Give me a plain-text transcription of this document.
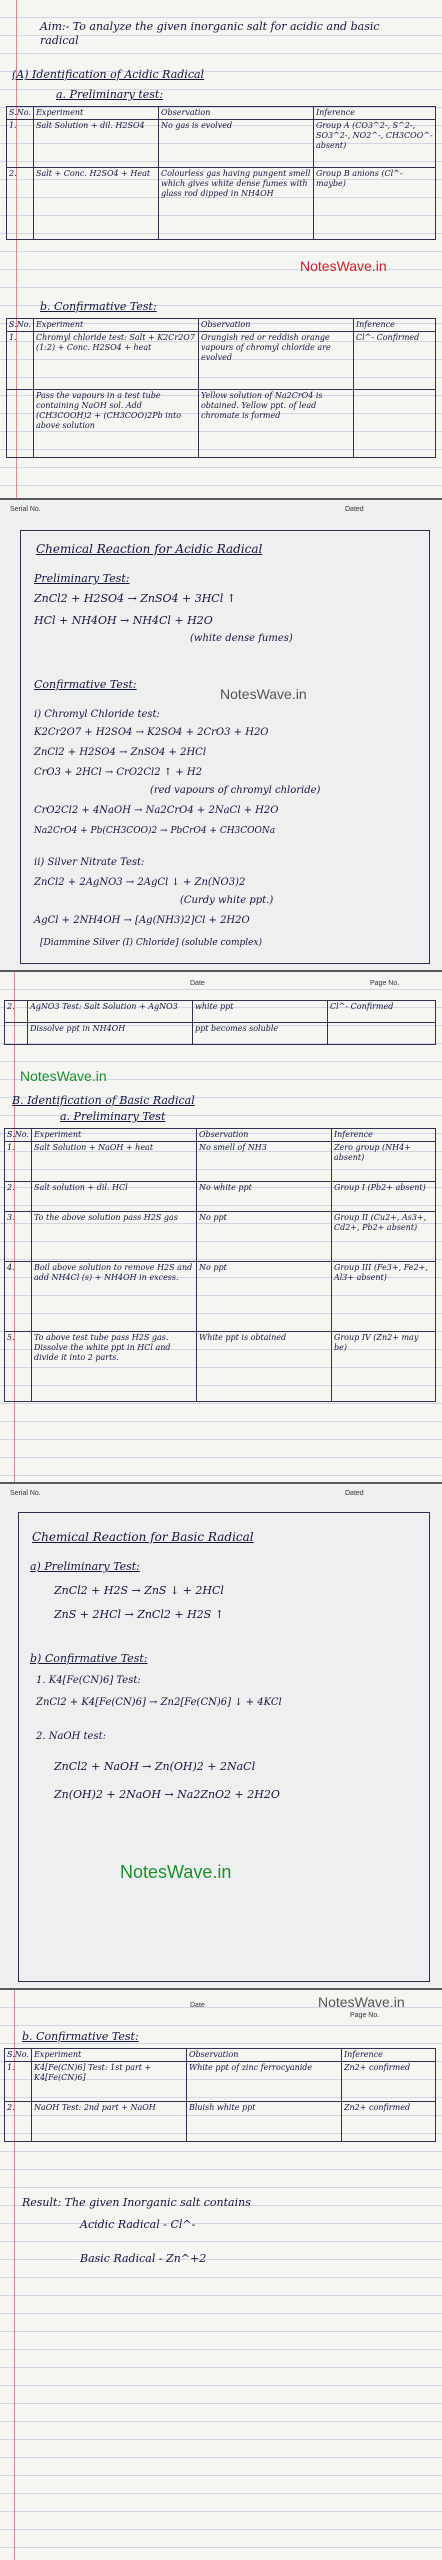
Aim:- To analyze the given inorganic salt for acidic and basic radical
(A) Identification of Acidic Radical
a. Preliminary test:
S.No.	Experiment	Observation	Inference
1.	Salt Solution + dil. H2SO4	No gas is evolved	Group A (CO3^2-, S^2-, SO3^2-, NO2^-, CH3COO^- absent)
2.	Salt + Conc. H2SO4 + Heat	Colourless gas having pungent smell which gives white dense fumes with glass rod dipped in NH4OH	Group B anions (Cl^- maybe)
NotesWave.in
b. Confirmative Test:
S.No.	Experiment	Observation	Inference
1.	Chromyl chloride test: Salt + K2Cr2O7 (1:2) + Conc. H2SO4 + heat	Orangish red or reddish orange vapours of chromyl chloride are evolved	Cl^- Confirmed
	Pass the vapours in a test tube containing NaOH sol. Add (CH3COOH)2 + (CH3COO)2Pb into above solution	Yellow solution of Na2CrO4 is obtained. Yellow ppt. of lead chromate is formed	
Serial No.	Dated
Chemical Reaction for Acidic Radical
Preliminary Test:
ZnCl2 + H2SO4 → ZnSO4 + 3HCl ↑
HCl + NH4OH → NH4Cl + H2O
(white dense fumes)
NotesWave.in
Confirmative Test:
i) Chromyl Chloride test:
K2Cr2O7 + H2SO4 → K2SO4 + 2CrO3 + H2O
ZnCl2 + H2SO4 → ZnSO4 + 2HCl
CrO3 + 2HCl → CrO2Cl2 ↑ + H2
(red vapours of chromyl chloride)
CrO2Cl2 + 4NaOH → Na2CrO4 + 2NaCl + H2O
Na2CrO4 + Pb(CH3COO)2 → PbCrO4 + CH3COONa
ii) Silver Nitrate Test:
ZnCl2 + 2AgNO3 → 2AgCl ↓ + Zn(NO3)2
(Curdy white ppt.)
AgCl + 2NH4OH → [Ag(NH3)2]Cl + 2H2O
[Diammine Silver (I) Chloride] (soluble complex)
Date	Page No.
2.	AgNO3 Test: Salt Solution + AgNO3	white ppt	Cl^- Confirmed
	Dissolve ppt in NH4OH	ppt becomes soluble	
NotesWave.in
B. Identification of Basic Radical
a. Preliminary Test
S.No.	Experiment	Observation	Inference
1.	Salt Solution + NaOH + heat	No smell of NH3	Zero group (NH4+ absent)
2.	Salt solution + dil. HCl	No white ppt	Group I (Pb2+ absent)
3.	To the above solution pass H2S gas	No ppt	Group II (Cu2+, As3+, Cd2+, Pb2+ absent)
4.	Boil above solution to remove H2S and add NH4Cl (s) + NH4OH in excess.	No ppt	Group III (Fe3+, Fe2+, Al3+ absent)
5.	To above test tube pass H2S gas. Dissolve the white ppt in HCl and divide it into 2 parts.	White ppt is obtained	Group IV (Zn2+ may be)
Serial No.	Dated
Chemical Reaction for Basic Radical
a) Preliminary Test:
ZnCl2 + H2S → ZnS ↓ + 2HCl
ZnS + 2HCl → ZnCl2 + H2S ↑
b) Confirmative Test:
1. K4[Fe(CN)6] Test:
ZnCl2 + K4[Fe(CN)6] → Zn2[Fe(CN)6] ↓ + 4KCl
2. NaOH test:
ZnCl2 + NaOH → Zn(OH)2 + 2NaCl
Zn(OH)2 + 2NaOH → Na2ZnO2 + 2H2O
NotesWave.in
Date
Page No.
NotesWave.in
b. Confirmative Test:
S.No.	Experiment	Observation	Inference
1.	K4[Fe(CN)6] Test: 1st part + K4[Fe(CN)6]	White ppt of zinc ferrocyanide	Zn2+ confirmed
2.	NaOH Test: 2nd part + NaOH	Bluish white ppt	Zn2+ confirmed
Result: The given Inorganic salt contains
Acidic Radical - Cl^-
Basic Radical - Zn^+2
